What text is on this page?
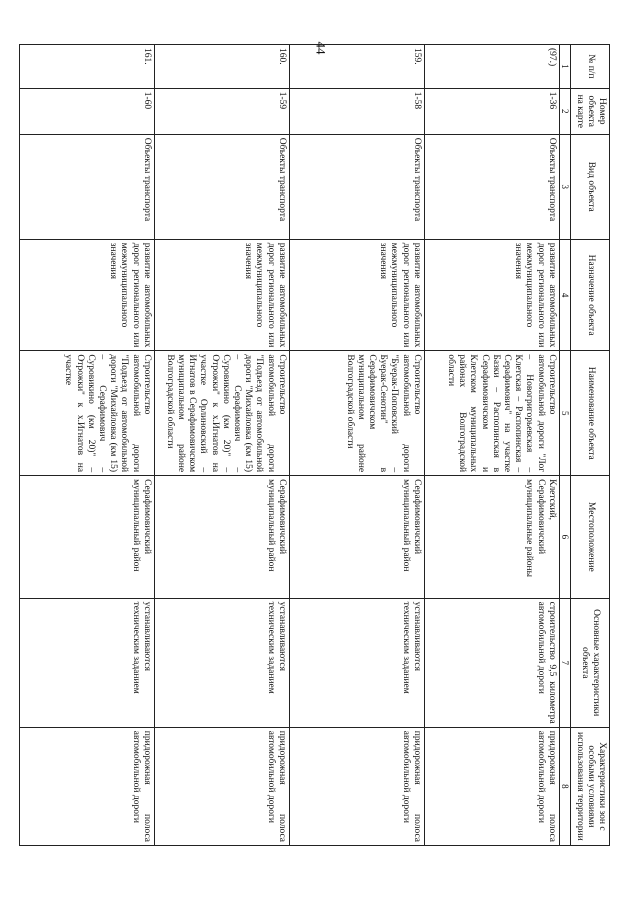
44
№ п/п	Номер объекта на карте	Вид объекта	Назначение объекта	Наименование объекта	Местоположение	Основные характеристики объекта	Характеристики зон с особыми условиями использования территории
1	2	3	4	5	6	7	8
(97.)	1-36	Объекты транспорта	развитие автомобильных дорог регионального или межмуниципального значения	Строительство автомобильной дороги "Лог – Новогригорьевская – Клетская – Распопинская – Серафимович" на участке Базки – Распопинская в Серафимовичском и Клетском муниципальных районах Волгоградской области	Клетский, Серафимовичский муниципальные районы	строительство 9,5 километра автомобильной дороги	придорожная полоса автомобильной дороги
159.	1-58	Объекты транспорта	развитие автомобильных дорог регионального или межмуниципального значения	Строительство автомобильной дороги "Буерак-Поповский – Буерак-Сенотин" в Серафимовичском муниципальном районе Волгоградской области	Серафимовичский муниципальный район	устанавливаются техническим заданием	придорожная полоса автомобильной дороги
160.	1-59	Объекты транспорта	развитие автомобильных дорог регионального или межмуниципального значения	Строительство автомобильной дороги "Подъезд от автомобильной дороги "Михайловка (км 15) – Серафимович – Суровикино (км 20)" – Отрожки" к х.Игнатов на участке Орлиновский – Игнатов в Серафимовичском муниципальном районе Волгоградской области	Серафимовичский муниципальный район	устанавливаются техническим заданием	придорожная полоса автомобильной дороги
161.	1-60	Объекты транспорта	развитие автомобильных дорог регионального или межмуниципального значения	Строительство автомобильной дороги "Подъезд от автомобильной дороги "Михайловка (км 15) – Серафимович – Суровикино (км 20)" – Отрожки" к х.Игнатов на участке	Серафимовичский муниципальный район	устанавливаются техническим заданием	придорожная полоса автомобильной дороги
